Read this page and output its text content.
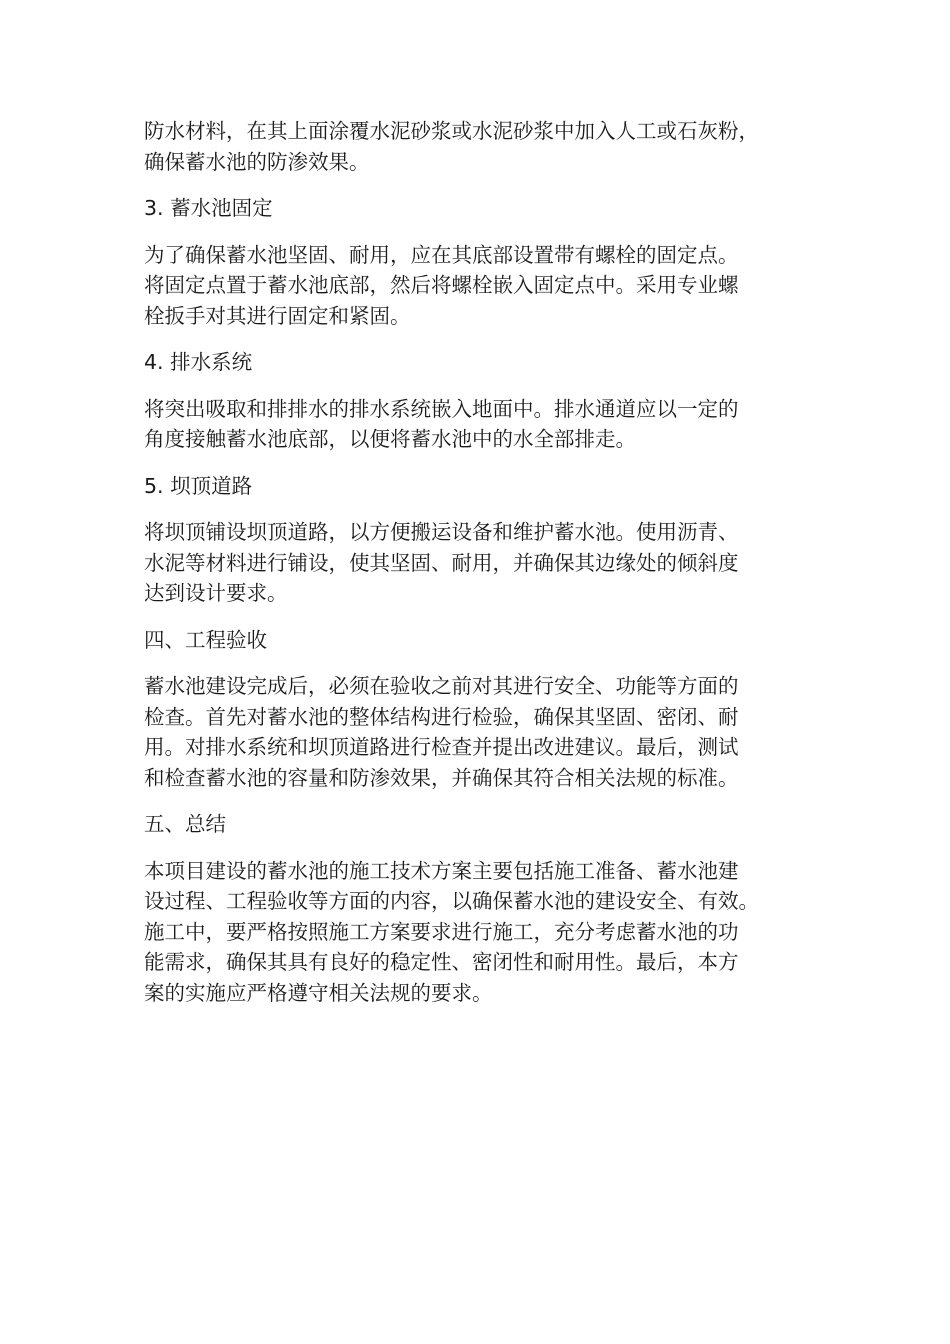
防水材料，在其上面涂覆水泥砂浆或水泥砂浆中加入人工或石灰粉，
确保蓄水池的防渗效果。

3. 蓄水池固定

为了确保蓄水池坚固、耐用，应在其底部设置带有螺栓的固定点。
将固定点置于蓄水池底部，然后将螺栓嵌入固定点中。采用专业螺
栓扳手对其进行固定和紧固。

4. 排水系统

将突出吸取和排排水的排水系统嵌入地面中。排水通道应以一定的
角度接触蓄水池底部，以便将蓄水池中的水全部排走。

5. 坝顶道路

将坝顶铺设坝顶道路，以方便搬运设备和维护蓄水池。使用沥青、
水泥等材料进行铺设，使其坚固、耐用，并确保其边缘处的倾斜度
达到设计要求。

四、工程验收

蓄水池建设完成后，必须在验收之前对其进行安全、功能等方面的
检查。首先对蓄水池的整体结构进行检验，确保其坚固、密闭、耐
用。对排水系统和坝顶道路进行检查并提出改进建议。最后，测试
和检查蓄水池的容量和防渗效果，并确保其符合相关法规的标准。

五、总结

本项目建设的蓄水池的施工技术方案主要包括施工准备、蓄水池建
设过程、工程验收等方面的内容，以确保蓄水池的建设安全、有效。
施工中，要严格按照施工方案要求进行施工，充分考虑蓄水池的功
能需求，确保其具有良好的稳定性、密闭性和耐用性。最后，本方
案的实施应严格遵守相关法规的要求。
